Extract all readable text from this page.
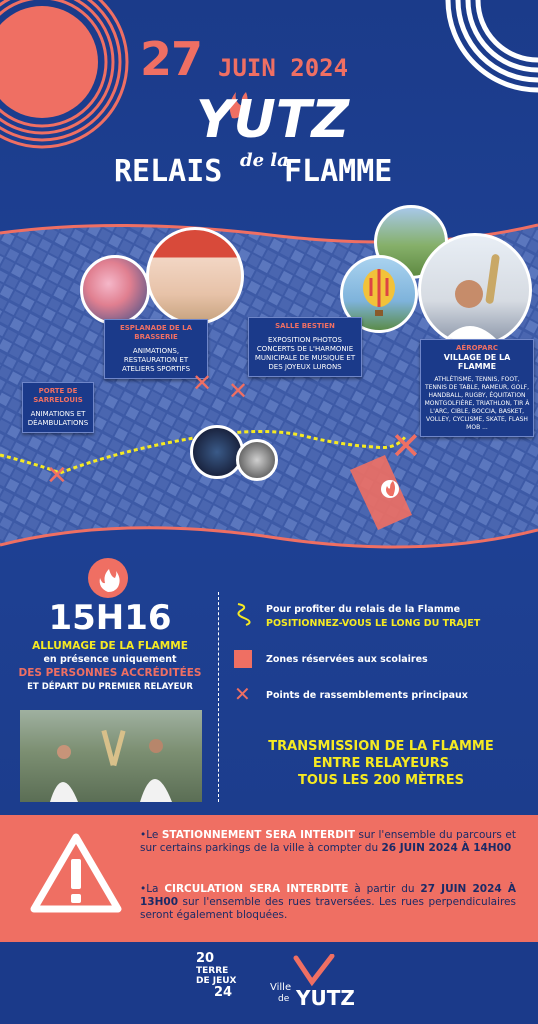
27 JUIN 2024
YUTZ
RELAIS de la
FLAMME
PORTE DE SARRELOUIS
ANIMATIONS ET DÉAMBULATIONS
ESPLANADE DE LA BRASSERIE
ANIMATIONS, RESTAURATION ET ATELIERS SPORTIFS
SALLE BESTIEN
EXPOSITION PHOTOS CONCERTS DE L'HARMONIE MUNICIPALE DE MUSIQUE ET DES JOYEUX LURONS
AÉROPARC
VILLAGE DE LA FLAMME
ATHLÉTISME, TENNIS, FOOT, TENNIS DE TABLE, RAMEUR, GOLF, HANDBALL, RUGBY, ÉQUITATION MONTGOLFIÈRE, TRIATHLON, TIR À L'ARC, CIBLE, BOCCIA, BASKET, VOLLEY, CYCLISME, SKATE, FLASH MOB ...
✕
✕ ✕
✕
15H16
ALLUMAGE DE LA FLAMME
en présence uniquement
DES PERSONNES ACCRÉDITÉES
ET DÉPART DU PREMIER RELAYEUR
Pour profiter du relais de la Flamme
POSITIONNEZ-VOUS LE LONG DU TRAJET
Zones réservées aux scolaires
✕ Points de rassemblements principaux
TRANSMISSION DE LA FLAMME
ENTRE RELAYEURS
TOUS LES 200 MÈTRES
•Le STATIONNEMENT SERA INTERDIT sur l'ensemble du parcours et sur certains parkings de la ville à compter du 26 JUIN 2024 À 14H00
•La CIRCULATION SERA INTERDITE à partir du 27 JUIN 2024 À 13H00 sur l'ensemble des rues traversées. Les rues perpendiculaires seront également bloquées.
20
TERRE
DE JEUX
24	Ville
de YUTZ
